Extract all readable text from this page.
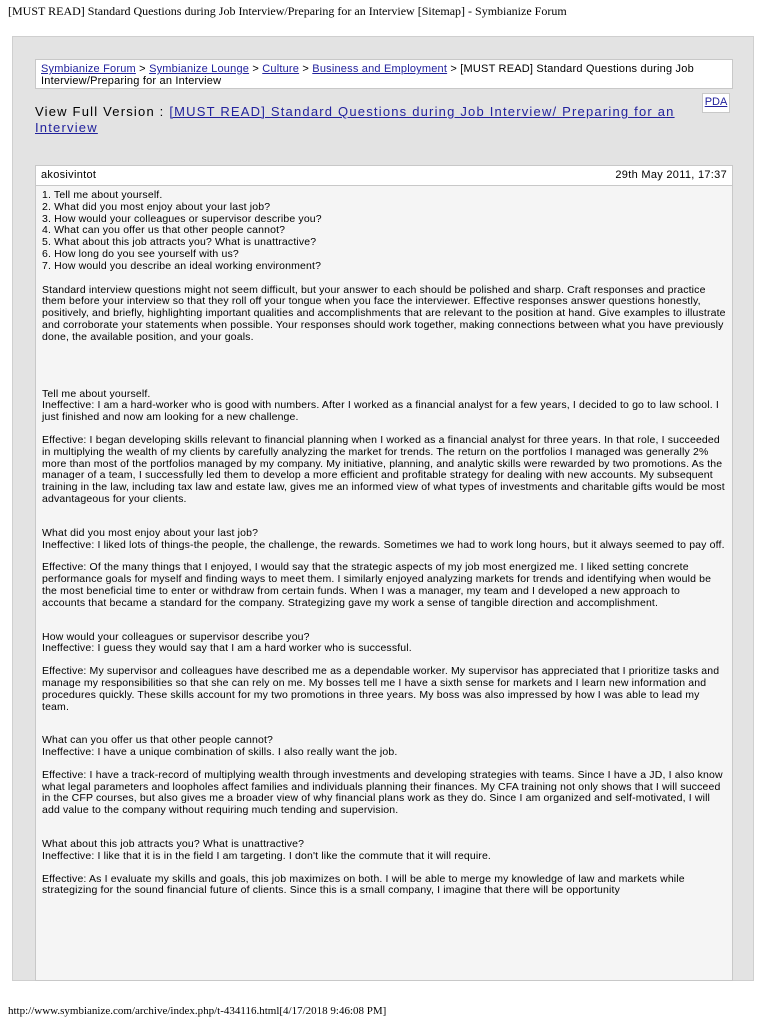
[MUST READ] Standard Questions during Job Interview/Preparing for an Interview [Sitemap] - Symbianize Forum
Symbianize Forum > Symbianize Lounge > Culture > Business and Employment > [MUST READ] Standard Questions during Job Interview/Preparing for an Interview
PDA
View Full Version : [MUST READ] Standard Questions during Job Interview/ Preparing for an Interview
akosivintot	29th May 2011, 17:37
1. Tell me about yourself.
2. What did you most enjoy about your last job?
3. How would your colleagues or supervisor describe you?
4. What can you offer us that other people cannot?
5. What about this job attracts you? What is unattractive?
6. How long do you see yourself with us?
7. How would you describe an ideal working environment?

Standard interview questions might not seem difficult, but your answer to each should be polished and sharp. Craft responses and practice them before your interview so that they roll off your tongue when you face the interviewer. Effective responses answer questions honestly, positively, and briefly, highlighting important qualities and accomplishments that are relevant to the position at hand. Give examples to illustrate and corroborate your statements when possible. Your responses should work together, making connections between what you have previously done, the available position, and your goals.

Tell me about yourself.

Ineffective: I am a hard-worker who is good with numbers. After I worked as a financial analyst for a few years, I decided to go to law school. I just finished and now am looking for a new challenge.

Effective: I began developing skills relevant to financial planning when I worked as a financial analyst for three years. In that role, I succeeded in multiplying the wealth of my clients by carefully analyzing the market for trends. The return on the portfolios I managed was generally 2% more than most of the portfolios managed by my company. My initiative, planning, and analytic skills were rewarded by two promotions. As the manager of a team, I successfully led them to develop a more efficient and profitable strategy for dealing with new accounts. My subsequent training in the law, including tax law and estate law, gives me an informed view of what types of investments and charitable gifts would be most advantageous for your clients.

What did you most enjoy about your last job?

Ineffective: I liked lots of things-the people, the challenge, the rewards. Sometimes we had to work long hours, but it always seemed to pay off.

Effective: Of the many things that I enjoyed, I would say that the strategic aspects of my job most energized me. I liked setting concrete performance goals for myself and finding ways to meet them. I similarly enjoyed analyzing markets for trends and identifying when would be the most beneficial time to enter or withdraw from certain funds. When I was a manager, my team and I developed a new approach to accounts that became a standard for the company. Strategizing gave my work a sense of tangible direction and accomplishment.

How would your colleagues or supervisor describe you?

Ineffective: I guess they would say that I am a hard worker who is successful.

Effective: My supervisor and colleagues have described me as a dependable worker. My supervisor has appreciated that I prioritize tasks and manage my responsibilities so that she can rely on me. My bosses tell me I have a sixth sense for markets and I learn new information and procedures quickly. These skills account for my two promotions in three years. My boss was also impressed by how I was able to lead my team.

What can you offer us that other people cannot?

Ineffective: I have a unique combination of skills. I also really want the job.

Effective: I have a track-record of multiplying wealth through investments and developing strategies with teams. Since I have a JD, I also know what legal parameters and loopholes affect families and individuals planning their finances. My CFA training not only shows that I will succeed in the CFP courses, but also gives me a broader view of why financial plans work as they do. Since I am organized and self-motivated, I will add value to the company without requiring much tending and supervision.

What about this job attracts you? What is unattractive?

Ineffective: I like that it is in the field I am targeting. I don't like the commute that it will require.

Effective: As I evaluate my skills and goals, this job maximizes on both. I will be able to merge my knowledge of law and markets while strategizing for the sound financial future of clients. Since this is a small company, I imagine that there will be opportunity

http://www.symbianize.com/archive/index.php/t-434116.html[4/17/2018 9:46:08 PM]
